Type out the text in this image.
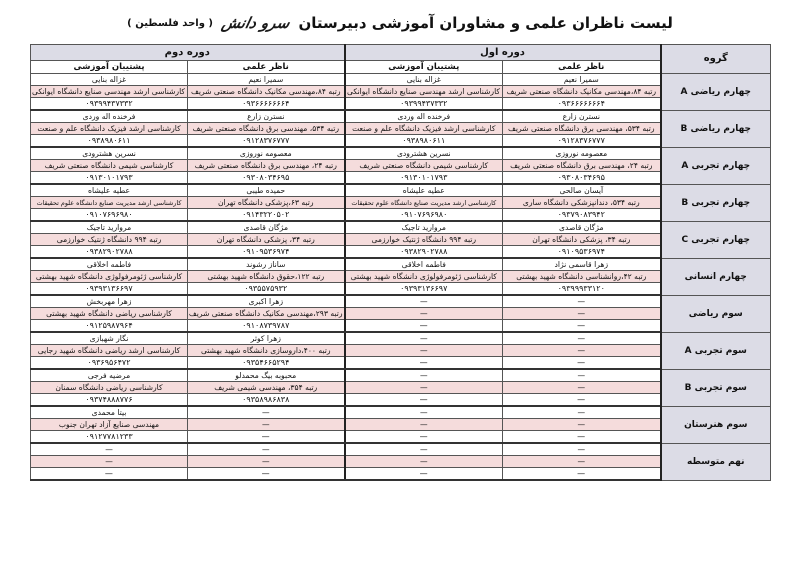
لیست ناظران علمی و مشاوران آموزشی دبیرستان
سرو دانش
( واحد فلسطین )
گروه	دوره اول		دوره دوم	
	ناظر علمی	پشتیبان آموزشی	ناظر علمی	پشتیبان آموزشی
چهارم ریاضی A	سمیرا نعیم	غزاله بنایی	سمیرا نعیم	غزاله بنایی
	رتبه ۸۴،مهندسی مکانیک دانشگاه صنعتی شریف	کارشناسی ارشد مهندسی صنایع دانشگاه ایوانکی	رتبه ۸۴،مهندسی مکانیک دانشگاه صنعتی شریف	کارشناسی ارشد مهندسی صنایع دانشگاه ایوانکی
	۰۹۳۶۶۶۶۶۶۶۴	۰۹۳۹۹۴۳۷۳۳۲	۰۹۳۶۶۶۶۶۶۶۴	۰۹۳۹۹۴۳۷۳۳۲
چهارم ریاضی B	نسترن زارع	فرخنده اله وردی	نسترن زارع	فرخنده اله وردی
	رتبه ۵۳۴، مهندسی برق دانشگاه صنعتی شریف	کارشناسی ارشد فیزیک دانشگاه علم و صنعت	رتبه ۵۳۴، مهندسی برق دانشگاه صنعتی شریف	کارشناسی ارشد فیزیک دانشگاه علم و صنعت
	۰۹۱۲۸۳۷۶۷۷۷	۰۹۳۸۹۸۰۶۱۱	۰۹۱۲۸۳۷۶۷۷۷	۰۹۳۸۹۸۰۶۱۱
چهارم تجربی A	معصومه نوروزی	نسرین هشترودی	معصومه نوروزی	نسرین هشترودی
	رتبه ۲۴، مهندسی برق دانشگاه صنعتی شریف	کارشناسی شیمی دانشگاه صنعتی شریف	رتبه ۲۴، مهندسی برق دانشگاه صنعتی شریف	کارشناسی شیمی دانشگاه صنعتی شریف
	۰۹۳۰۸۰۳۴۶۹۵	۰۹۱۳۰۱۰۱۷۹۳	۰۹۳۰۸۰۳۴۶۹۵	۰۹۱۳۰۱۰۱۷۹۳
چهارم تجربی B	آیسان صالحی	عطیه علیشاه	حمیده طیبی	عطیه علیشاه
	رتبه ۵۳۴، دندانپزشکی دانشگاه ساری	کارشناسی ارشد مدیریت صنایع دانشگاه علوم تحقیقات	رتبه ۶۳،پزشکی دانشگاه تهران	کارشناسی ارشد مدیریت صنایع دانشگاه علوم تحقیقات
	۰۹۳۷۹۰۸۳۹۴۲	۰۹۱۰۷۶۹۶۹۸۰	۰۹۱۴۳۲۲۰۵۰۲	۰۹۱۰۷۶۹۶۹۸۰
چهارم تجربی C	مژگان قاصدی	مروارید تاجیک	مژگان قاصدی	مروارید تاجیک
	رتبه ۳۴، پزشکی دانشگاه تهران	رتبه ۹۹۴ دانشگاه ژنتیک خوارزمی	رتبه ۳۴، پزشکی دانشگاه تهران	رتبه ۹۹۴ دانشگاه ژنتیک خوارزمی
	۰۹۱۰۹۵۳۶۹۷۴	۰۹۳۸۲۹۰۲۷۸۸	۰۹۱۰۹۵۳۶۹۷۴	۰۹۳۸۲۹۰۲۷۸۸
چهارم انسانی	زهرا قاسمی نژاد	فاطمه اخلاقی	ساناز رشوند	فاطمه اخلاقی
	رتبه ۴۲،روانشناسی دانشگاه شهید بهشتی	کارشناسی ژئومرفولوژی دانشگاه شهید بهشتی	رتبه ۱۲۲،حقوق دانشگاه شهید بهشتی	کارشناسی ژئومرفولوژی دانشگاه شهید بهشتی
	۰۹۳۹۹۹۳۳۱۲۰	۰۹۳۹۳۱۳۶۶۹۷	۰۹۳۵۵۷۵۹۳۲	۰۹۳۹۳۱۳۶۶۹۷
سوم ریاضی	—	—	زهرا اکبری	زهرا مهربخش
	—	—	رتبه ۲۹۳،مهندسی مکانیک دانشگاه صنعتی شریف	کارشناسی ریاضی دانشگاه شهید بهشتی
	—	—	۰۹۱۰۸۷۳۹۷۸۷	۰۹۱۲۵۹۸۷۹۶۴
سوم تجربی A	—	—	زهرا کوثر	نگار شهبازی
	—	—	رتبه ۴۰۰،داروسازی دانشگاه شهید بهشتی	کارشناسی ارشد ریاضی دانشگاه شهید رجایی
	—	—	۰۹۳۵۴۶۶۵۲۹۴	۰۹۳۶۹۵۶۴۷۲
سوم تجربی B	—	—	محبوبه بیگ محمدلو	مرضیه فرجی
	—	—	رتبه ۳۵۴، مهندسی شیمی شریف	کارشناسی ریاضی دانشگاه سمنان
	—	—	۰۹۳۵۸۹۸۶۸۳۸	۰۹۳۷۴۸۸۸۷۷۶
سوم هنرستان	—	—	—	بیتا محمدی
	—	—	—	مهندسی صنایع آزاد تهران جنوب
	—	—	—	۰۹۱۲۷۷۸۱۲۳۳
نهم متوسطه	—	—	—	—
	—	—	—	—
	—	—	—	—
